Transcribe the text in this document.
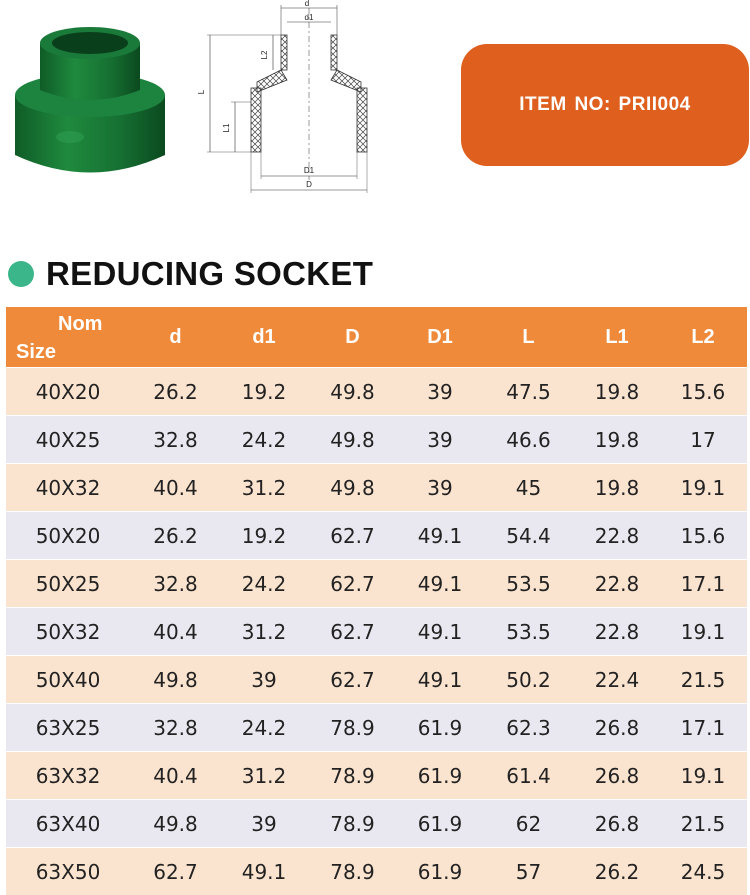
d
d1
L2
L
L1
D1
D
ITEM NO: PRII004
REDUCING SOCKET
Nom
Size	d	d1	D	D1	L	L1	L2
40X20	26.2	19.2	49.8	39	47.5	19.8	15.6
40X25	32.8	24.2	49.8	39	46.6	19.8	17
40X32	40.4	31.2	49.8	39	45	19.8	19.1
50X20	26.2	19.2	62.7	49.1	54.4	22.8	15.6
50X25	32.8	24.2	62.7	49.1	53.5	22.8	17.1
50X32	40.4	31.2	62.7	49.1	53.5	22.8	19.1
50X40	49.8	39	62.7	49.1	50.2	22.4	21.5
63X25	32.8	24.2	78.9	61.9	62.3	26.8	17.1
63X32	40.4	31.2	78.9	61.9	61.4	26.8	19.1
63X40	49.8	39	78.9	61.9	62	26.8	21.5
63X50	62.7	49.1	78.9	61.9	57	26.2	24.5
